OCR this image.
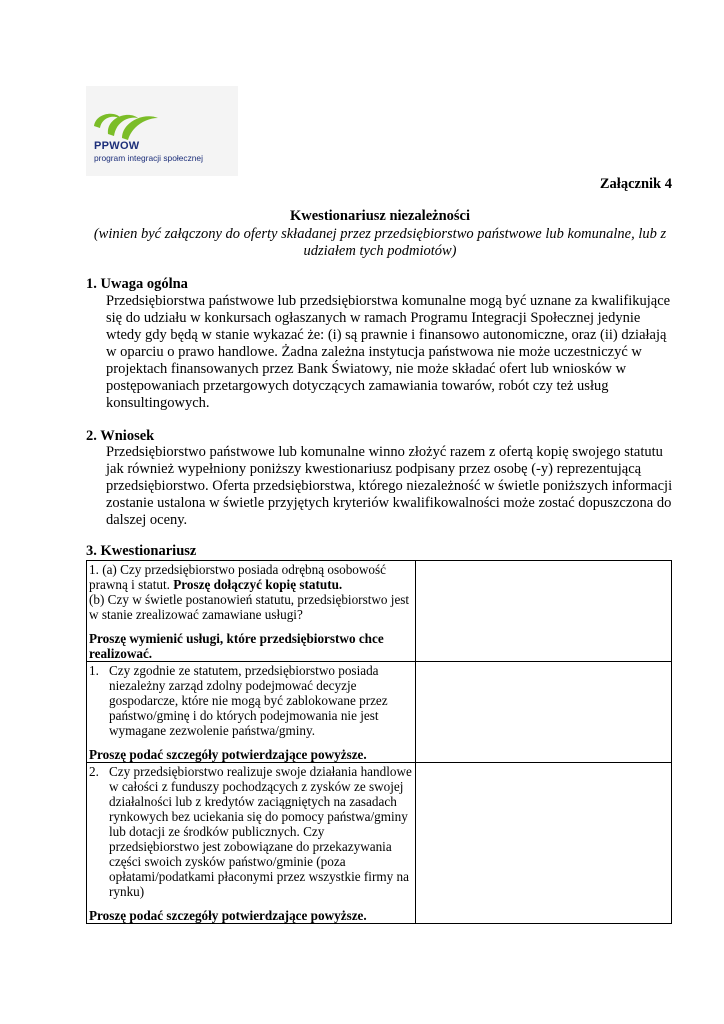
PPWOW
program integracji społecznej
Załącznik 4
Kwestionariusz niezależności
(winien być załączony do oferty składanej przez przedsiębiorstwo państwowe lub komunalne, lub z
udziałem tych podmiotów)
1. Uwaga ogólna

Przedsiębiorstwa państwowe lub przedsiębiorstwa komunalne mogą być uznane za kwalifikujące się do udziału w konkursach ogłaszanych w ramach Programu Integracji Społecznej jedynie wtedy gdy będą w stanie wykazać że: (i) są prawnie i finansowo autonomiczne, oraz (ii) działają w oparciu o prawo handlowe. Żadna zależna instytucja państwowa nie może uczestniczyć w projektach finansowanych przez Bank Światowy, nie może składać ofert lub wniosków w postępowaniach przetargowych dotyczących zamawiania towarów, robót czy też usług konsultingowych.

2. Wniosek

Przedsiębiorstwo państwowe lub komunalne winno złożyć razem z ofertą kopię swojego statutu jak również wypełniony poniższy kwestionariusz podpisany przez osobę (-y) reprezentującą przedsiębiorstwo. Oferta przedsiębiorstwa, którego niezależność w świetle poniższych informacji zostanie ustalona w świetle przyjętych kryteriów kwalifikowalności może zostać dopuszczona do dalszej oceny.

3. Kwestionariusz

1. (a) Czy przedsiębiorstwo posiada odrębną osobowość prawną i statut. Proszę dołączyć kopię statutu.

(b) Czy w świetle postanowień statutu, przedsiębiorstwo jest w stanie zrealizować zamawiane usługi?

Proszę wymienić usługi, które przedsiębiorstwo chce realizować.	

1. Czy zgodnie ze statutem, przedsiębiorstwo posiada niezależny zarząd zdolny podejmować decyzje gospodarcze, które nie mogą być zablokowane przez państwo/gminę i do których podejmowania nie jest wymagane zezwolenie państwa/gminy.

Proszę podać szczegóły potwierdzające powyższe.	

2. Czy przedsiębiorstwo realizuje swoje działania handlowe w całości z funduszy pochodzących z zysków ze swojej działalności lub z kredytów zaciągniętych na zasadach rynkowych bez uciekania się do pomocy państwa/gminy lub dotacji ze środków publicznych. Czy przedsiębiorstwo jest zobowiązane do przekazywania części swoich zysków państwo/gminie (poza opłatami/podatkami płaconymi przez wszystkie firmy na rynku)

Proszę podać szczegóły potwierdzające powyższe.	
